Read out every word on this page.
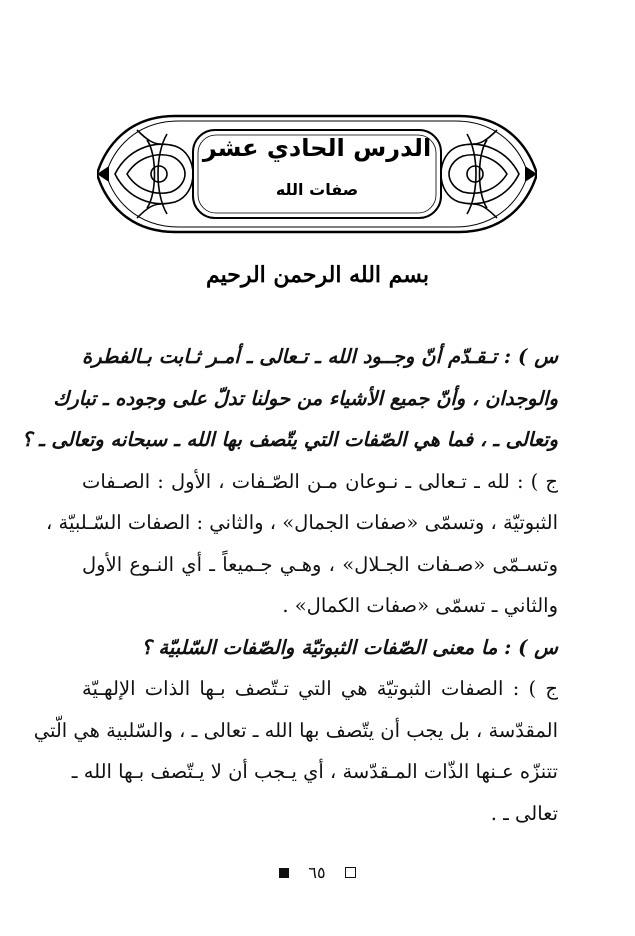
الدرس الحادي عشر
صفات الله
بسم الله الرحمن الرحيم
س ) : تـقـدّم أنّ وجــود الله ـ تـعالى ـ أمـر ثـابت بـالفطرة
والوجدان ، وأنّ جميع الأشياء من حولنا تدلّ على وجوده ـ تبارك
وتعالى ـ ، فما هي الصّفات التي يتّصف بها الله ـ سبحانه وتعالى ـ ؟
ج ) : لله ـ تـعالى ـ نـوعان مـن الصّـفات ، الأول : الصـفات
الثبوتيّة ، وتسمّى «صفات الجمال» ، والثاني : الصفات السّـلبيّة ،
وتسـمّى «صـفات الجـلال» ، وهـي جـميعاً ـ أي النـوع الأول
والثاني ـ تسمّى «صفات الكمال» .
س ) : ما معنى الصّفات الثبوتيّة والصّفات السّلبيّة ؟
ج ) : الصفات الثبوتيّة هي التي تـتّصف بـها الذات الإلهـيّة
المقدّسة ، بل يجب أن يتّصف بها الله ـ تعالى ـ ، والسّلبية هي الّتي
تتنزّه عـنها الذّات المـقدّسة ، أي يـجب أن لا يـتّصف بـها الله ـ
تعالى ـ .
٦٥
